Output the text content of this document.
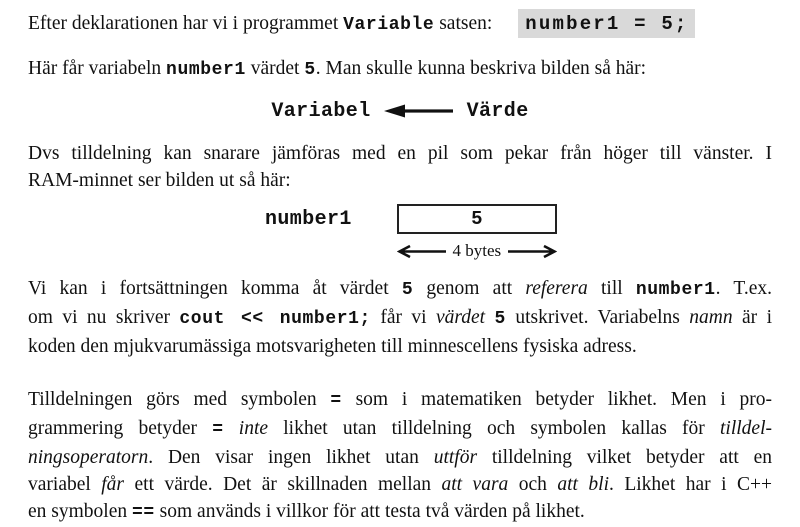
Efter deklarationen har vi i programmet Variable satsen: number1 = 5;
Här får variabeln number1 värdet 5. Man skulle kunna beskriva bilden så här:
Variabel	Värde
Dvs tilldelning kan snarare jämföras med en pil som pekar från höger till vänster. I
RAM-minnet ser bilden ut så här:
number1	5
4 bytes
Vi kan i fortsättningen komma åt värdet 5 genom att referera till number1. T.ex.
om vi nu skriver cout << number1; får vi värdet 5 utskrivet. Variabelns namn är i
koden den mjukvarumässiga motsvarigheten till minnescellens fysiska adress.
Tilldelningen görs med symbolen = som i matematiken betyder likhet. Men i pro-
grammering betyder = inte likhet utan tilldelning och symbolen kallas för tilldel-
ningsoperatorn. Den visar ingen likhet utan uttför tilldelning vilket betyder att en
variabel får ett värde. Det är skillnaden mellan att vara och att bli. Likhet har i C++
en symbolen == som används i villkor för att testa två värden på likhet.
